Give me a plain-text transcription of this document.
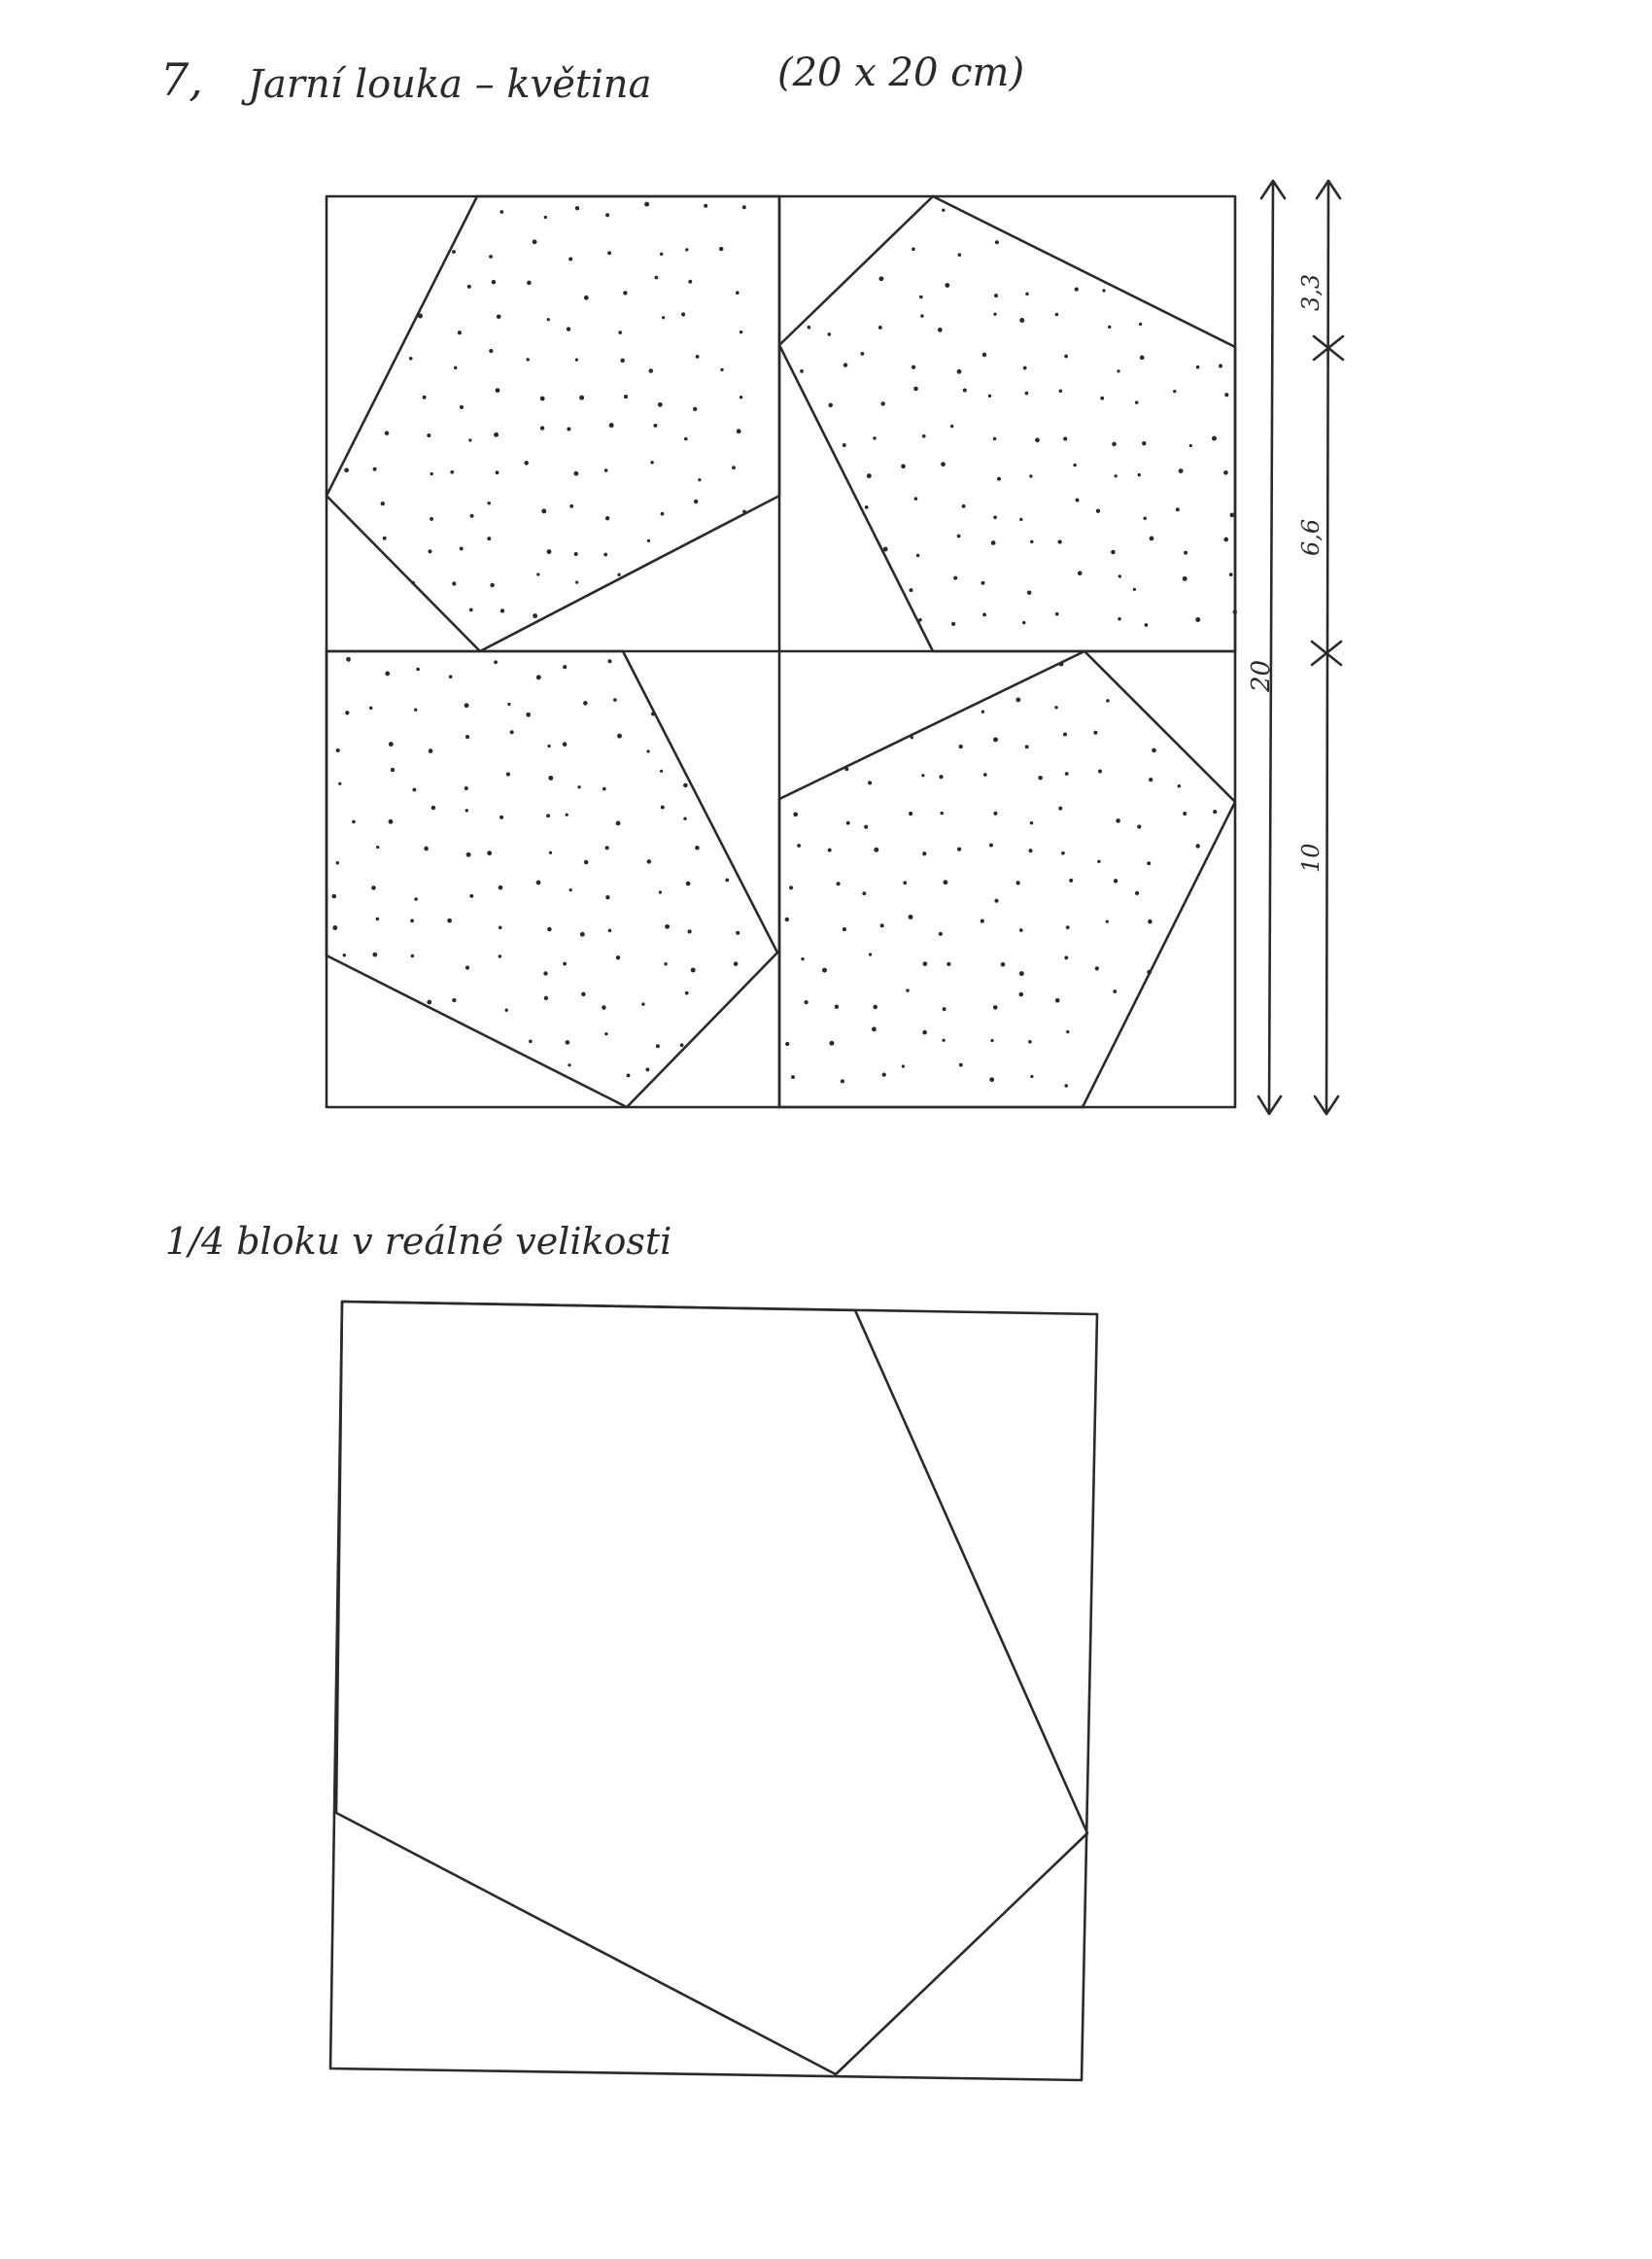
7, Jarní louka – květina	(20 x 20 cm)
20
3,3
6,6
10
1/4 bloku v reálné velikosti
